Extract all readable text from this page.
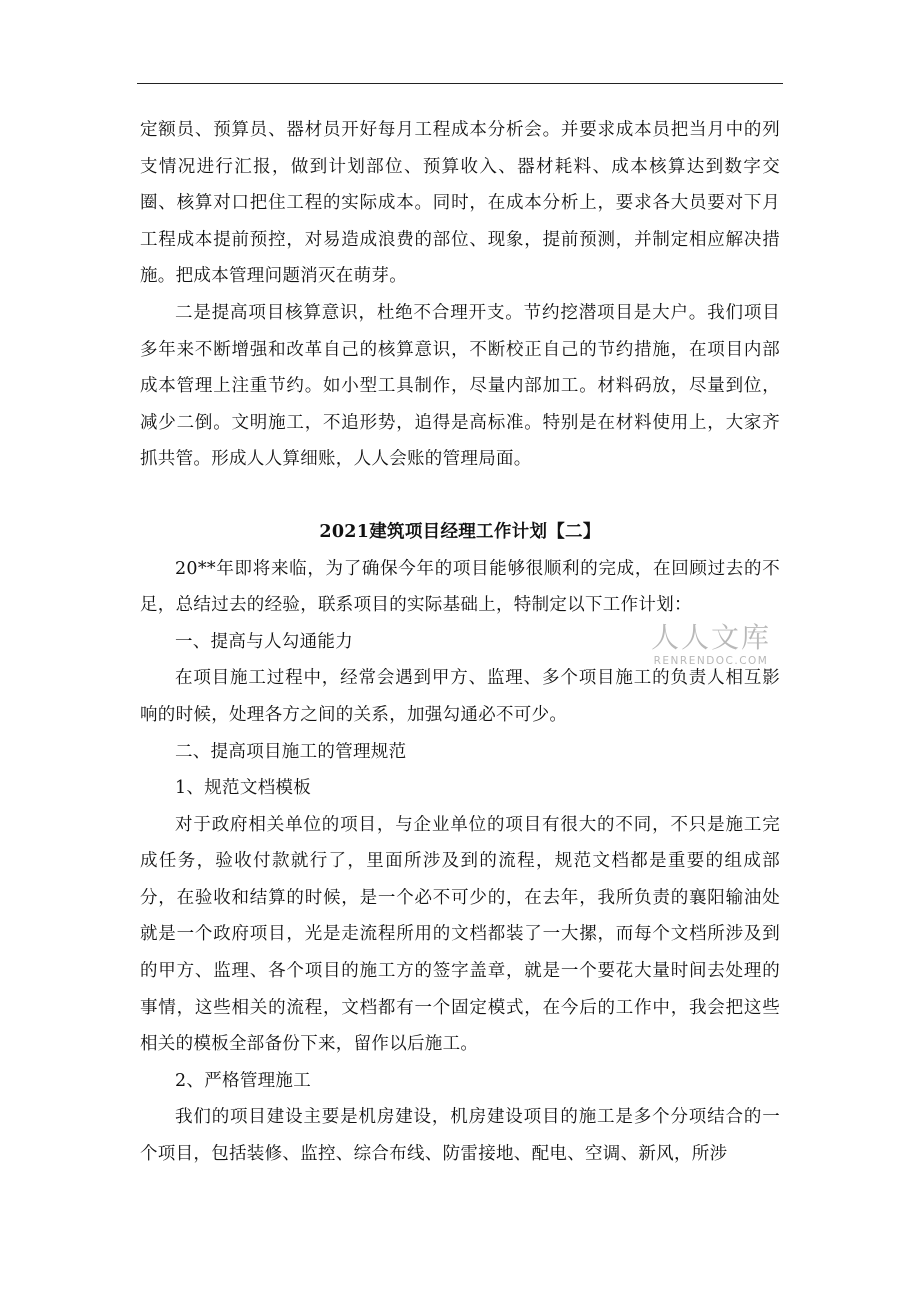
定额员、预算员、器材员开好每月工程成本分析会。并要求成本员把当月中的列支情况进行汇报，做到计划部位、预算收入、器材耗料、成本核算达到数字交圈、核算对口把住工程的实际成本。同时，在成本分析上，要求各大员要对下月工程成本提前预控，对易造成浪费的部位、现象，提前预测，并制定相应解决措施。把成本管理问题消灭在萌芽。

二是提高项目核算意识，杜绝不合理开支。节约挖潜项目是大户。我们项目多年来不断增强和改革自己的核算意识，不断校正自己的节约措施，在项目内部成本管理上注重节约。如小型工具制作，尽量内部加工。材料码放，尽量到位，减少二倒。文明施工，不追形势，追得是高标准。特别是在材料使用上，大家齐抓共管。形成人人算细账，人人会账的管理局面。

2021建筑项目经理工作计划【二】

20**年即将来临，为了确保今年的项目能够很顺利的完成，在回顾过去的不足，总结过去的经验，联系项目的实际基础上，特制定以下工作计划：

一、提高与人勾通能力

在项目施工过程中，经常会遇到甲方、监理、多个项目施工的负责人相互影响的时候，处理各方之间的关系，加强勾通必不可少。

二、提高项目施工的管理规范

1、规范文档模板

对于政府相关单位的项目，与企业单位的项目有很大的不同，不只是施工完成任务，验收付款就行了，里面所涉及到的流程，规范文档都是重要的组成部分，在验收和结算的时候，是一个必不可少的，在去年，我所负责的襄阳输油处就是一个政府项目，光是走流程所用的文档都装了一大摞，而每个文档所涉及到的甲方、监理、各个项目的施工方的签字盖章，就是一个要花大量时间去处理的事情，这些相关的流程，文档都有一个固定模式，在今后的工作中，我会把这些相关的模板全部备份下来，留作以后施工。

2、严格管理施工

我们的项目建设主要是机房建设，机房建设项目的施工是多个分项结合的一个项目，包括装修、监控、综合布线、防雷接地、配电、空调、新风，所涉

人人文库
RENRENDOC.COM
